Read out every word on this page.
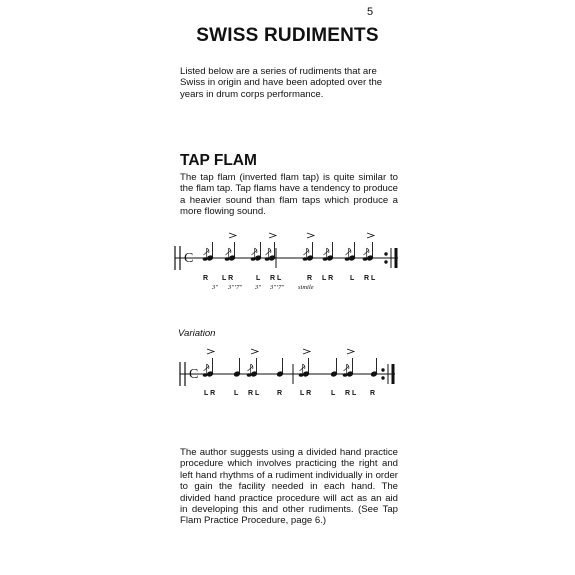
5
SWISS RUDIMENTS
Listed below are a series of rudiments that are Swiss in origin and have been adopted over the years in drum corps performance.
TAP FLAM
The tap flam (inverted flam tap) is quite similar to the flam tap. Tap flams have a tendency to produce a heavier sound than flam taps which produce a more flowing sound.
C
R L R	L R L	R L R L R L
3″ 3″’7″ 3″ 3″’7″ simile
Variation
C
L R	L R L	R	L R	L R L R
The author suggests using a divided hand practice procedure which involves practicing the right and left hand rhythms of a rudiment individually in order to gain the facility needed in each hand. The divided hand practice procedure will act as an aid in developing this and other rudiments. (See Tap Flam Practice Procedure, page 6.)
